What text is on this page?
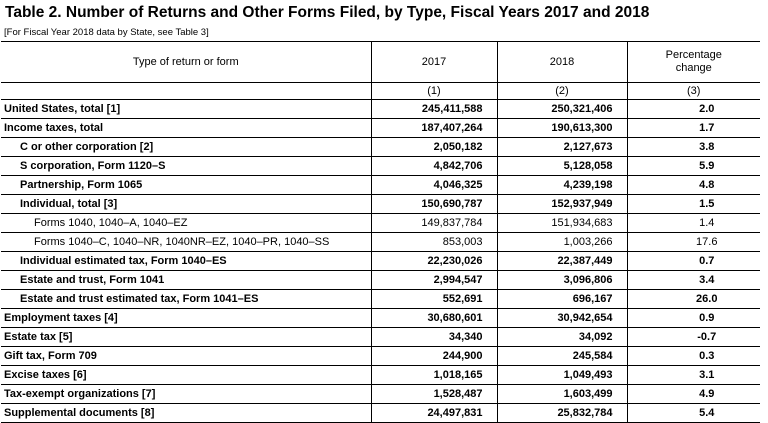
Table 2. Number of Returns and Other Forms Filed, by Type, Fiscal Years 2017 and 2018
[For Fiscal Year 2018 data by State, see Table 3]
Type of return or form	2017	2018	Percentage
change
	(1)	(2)	(3)
United States, total [1]	245,411,588	250,321,406	2.0
Income taxes, total	187,407,264	190,613,300	1.7
C or other corporation [2]	2,050,182	2,127,673	3.8
S corporation, Form 1120–S	4,842,706	5,128,058	5.9
Partnership, Form 1065	4,046,325	4,239,198	4.8
Individual, total [3]	150,690,787	152,937,949	1.5
Forms 1040, 1040–A, 1040–EZ	149,837,784	151,934,683	1.4
Forms 1040–C, 1040–NR, 1040NR–EZ, 1040–PR, 1040–SS	853,003	1,003,266	17.6
Individual estimated tax, Form 1040–ES	22,230,026	22,387,449	0.7
Estate and trust, Form 1041	2,994,547	3,096,806	3.4
Estate and trust estimated tax, Form 1041–ES	552,691	696,167	26.0
Employment taxes [4]	30,680,601	30,942,654	0.9
Estate tax [5]	34,340	34,092	-0.7
Gift tax, Form 709	244,900	245,584	0.3
Excise taxes [6]	1,018,165	1,049,493	3.1
Tax-exempt organizations [7]	1,528,487	1,603,499	4.9
Supplemental documents [8]	24,497,831	25,832,784	5.4
